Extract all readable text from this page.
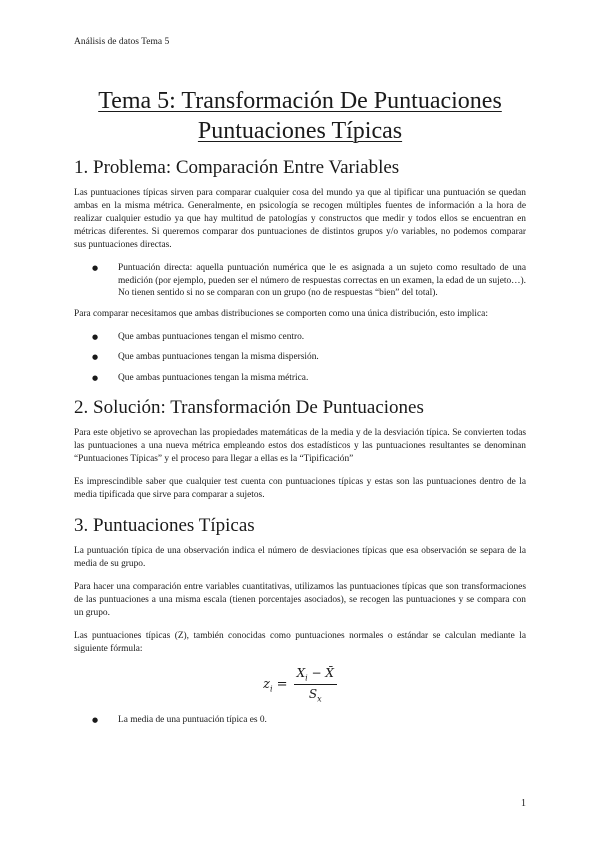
Análisis de datos Tema 5
Tema 5: Transformación De Puntuaciones
Puntuaciones Típicas
1. Problema: Comparación Entre Variables

Las puntuaciones típicas sirven para comparar cualquier cosa del mundo ya que al tipificar una puntuación se quedan ambas en la misma métrica. Generalmente, en psicología se recogen múltiples fuentes de información a la hora de realizar cualquier estudio ya que hay multitud de patologías y constructos que medir y todos ellos se encuentran en métricas diferentes. Si queremos comparar dos puntuaciones de distintos grupos y/o variables, no podemos comparar sus puntuaciones directas.

● Puntuación directa: aquella puntuación numérica que le es asignada a un sujeto como resultado de una medición (por ejemplo, pueden ser el número de respuestas correctas en un examen, la edad de un sujeto…). No tienen sentido si no se comparan con un grupo (no de respuestas “bien” del total).

Para comparar necesitamos que ambas distribuciones se comporten como una única distribución, esto implica:

● Que ambas puntuaciones tengan el mismo centro.
● Que ambas puntuaciones tengan la misma dispersión.
● Que ambas puntuaciones tengan la misma métrica.
2. Solución: Transformación De Puntuaciones

Para este objetivo se aprovechan las propiedades matemáticas de la media y de la desviación típica. Se convierten todas las puntuaciones a una nueva métrica empleando estos dos estadísticos y las puntuaciones resultantes se denominan “Puntuaciones Típicas” y el proceso para llegar a ellas es la “Tipificación”

Es imprescindible saber que cualquier test cuenta con puntuaciones típicas y estas son las puntuaciones dentro de la media tipificada que sirve para comparar a sujetos.

3. Puntuaciones Típicas

La puntuación típica de una observación indica el número de desviaciones típicas que esa observación se separa de la media de su grupo.

Para hacer una comparación entre variables cuantitativas, utilizamos las puntuaciones típicas que son transformaciones de las puntuaciones a una misma escala (tienen porcentajes asociados), se recogen las puntuaciones y se compara con un grupo.

Las puntuaciones típicas (Z), también conocidas como puntuaciones normales o estándar se calculan mediante la siguiente fórmula:

$z_i = \frac{X_i - X̄}{S_x}$
● La media de una puntuación típica es 0.
1
